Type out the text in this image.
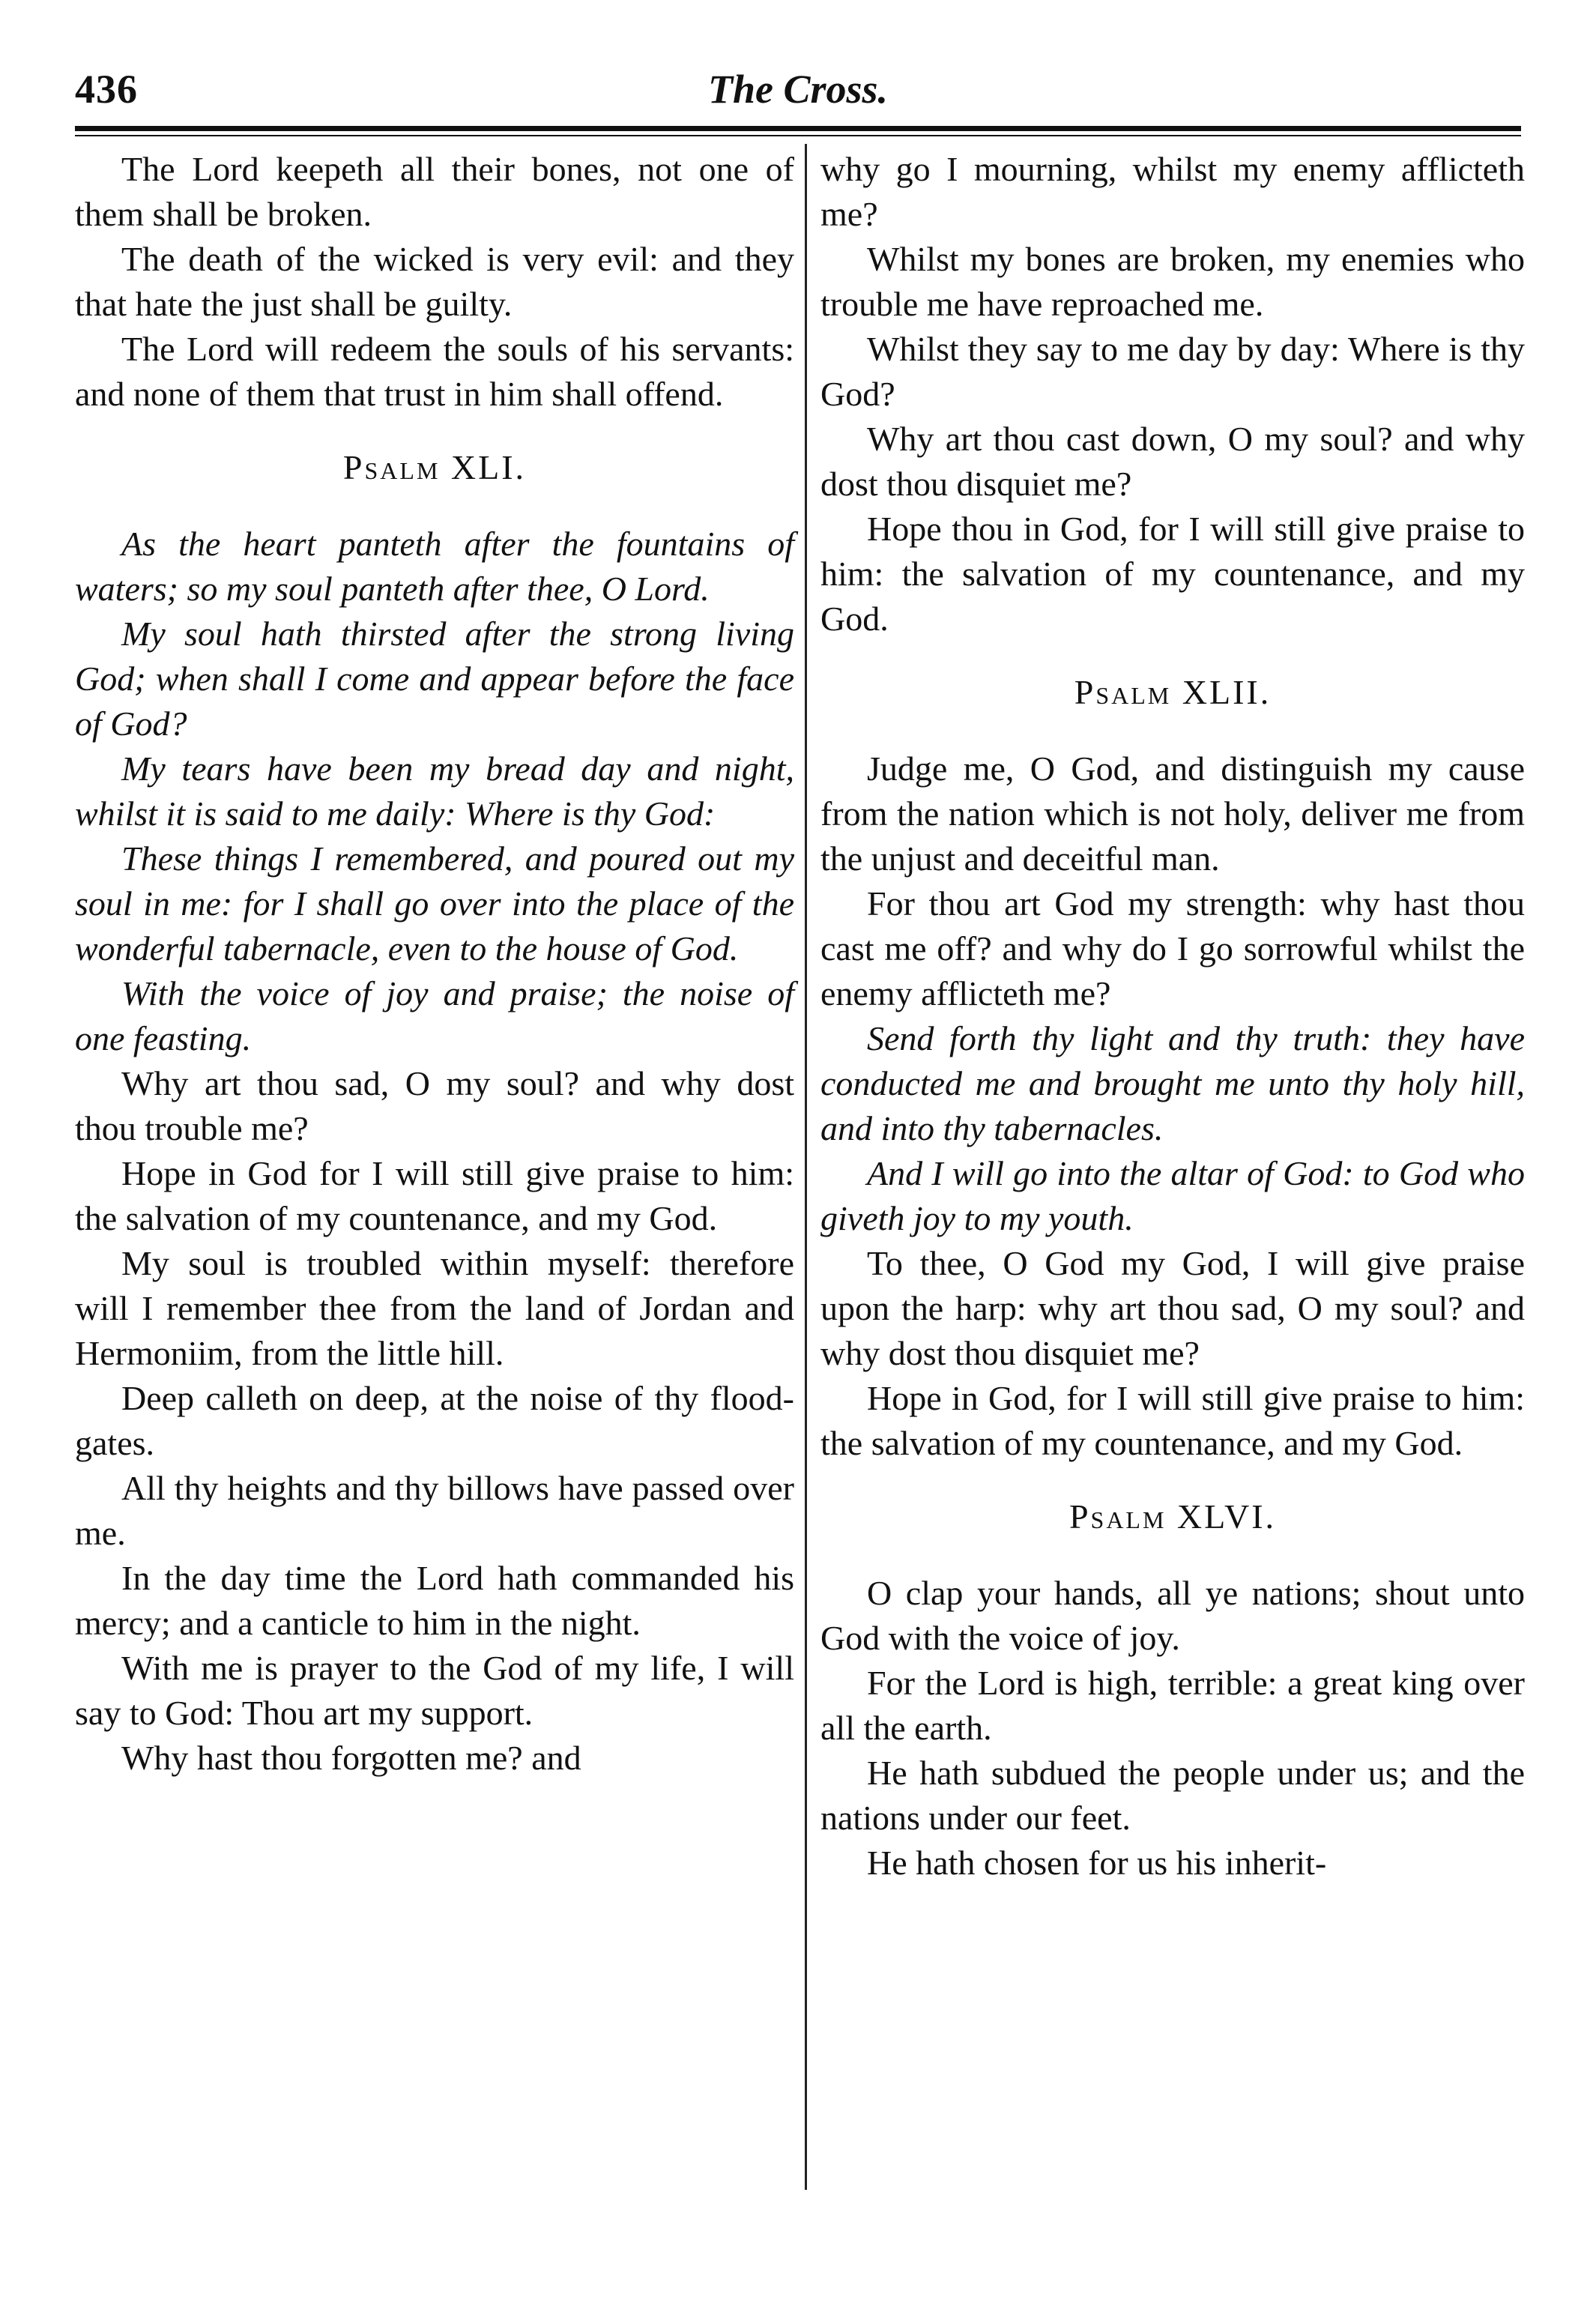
436	The Cross.

The Lord keepeth all their bones, not one of them shall be broken.

The death of the wicked is very evil: and they that hate the just shall be guilty.

The Lord will redeem the souls of his servants: and none of them that trust in him shall offend.

Psalm XLI.

As the heart panteth after the fountains of waters; so my soul panteth after thee, O Lord.

My soul hath thirsted after the strong living God; when shall I come and appear before the face of God?

My tears have been my bread day and night, whilst it is said to me daily: Where is thy God:

These things I remembered, and poured out my soul in me: for I shall go over into the place of the wonderful tabernacle, even to the house of God.

With the voice of joy and praise; the noise of one feasting.

Why art thou sad, O my soul? and why dost thou trouble me?

Hope in God for I will still give praise to him: the salvation of my countenance, and my God.

My soul is troubled within myself: therefore will I remember thee from the land of Jordan and Hermoniim, from the little hill.

Deep calleth on deep, at the noise of thy flood-gates.

All thy heights and thy billows have passed over me.

In the day time the Lord hath commanded his mercy; and a canticle to him in the night.

With me is prayer to the God of my life, I will say to God: Thou art my support.

Why hast thou forgotten me? and

why go I mourning, whilst my enemy afflicteth me?

Whilst my bones are broken, my enemies who trouble me have reproached me.

Whilst they say to me day by day: Where is thy God?

Why art thou cast down, O my soul? and why dost thou disquiet me?

Hope thou in God, for I will still give praise to him: the salvation of my countenance, and my God.

Psalm XLII.

Judge me, O God, and distinguish my cause from the nation which is not holy, deliver me from the unjust and deceitful man.

For thou art God my strength: why hast thou cast me off? and why do I go sorrowful whilst the enemy afflicteth me?

Send forth thy light and thy truth: they have conducted me and brought me unto thy holy hill, and into thy tabernacles.

And I will go into the altar of God: to God who giveth joy to my youth.

To thee, O God my God, I will give praise upon the harp: why art thou sad, O my soul? and why dost thou disquiet me?

Hope in God, for I will still give praise to him: the salvation of my countenance, and my God.

Psalm XLVI.

O clap your hands, all ye nations; shout unto God with the voice of joy.

For the Lord is high, terrible: a great king over all the earth.

He hath subdued the people under us; and the nations under our feet.

He hath chosen for us his inherit-
